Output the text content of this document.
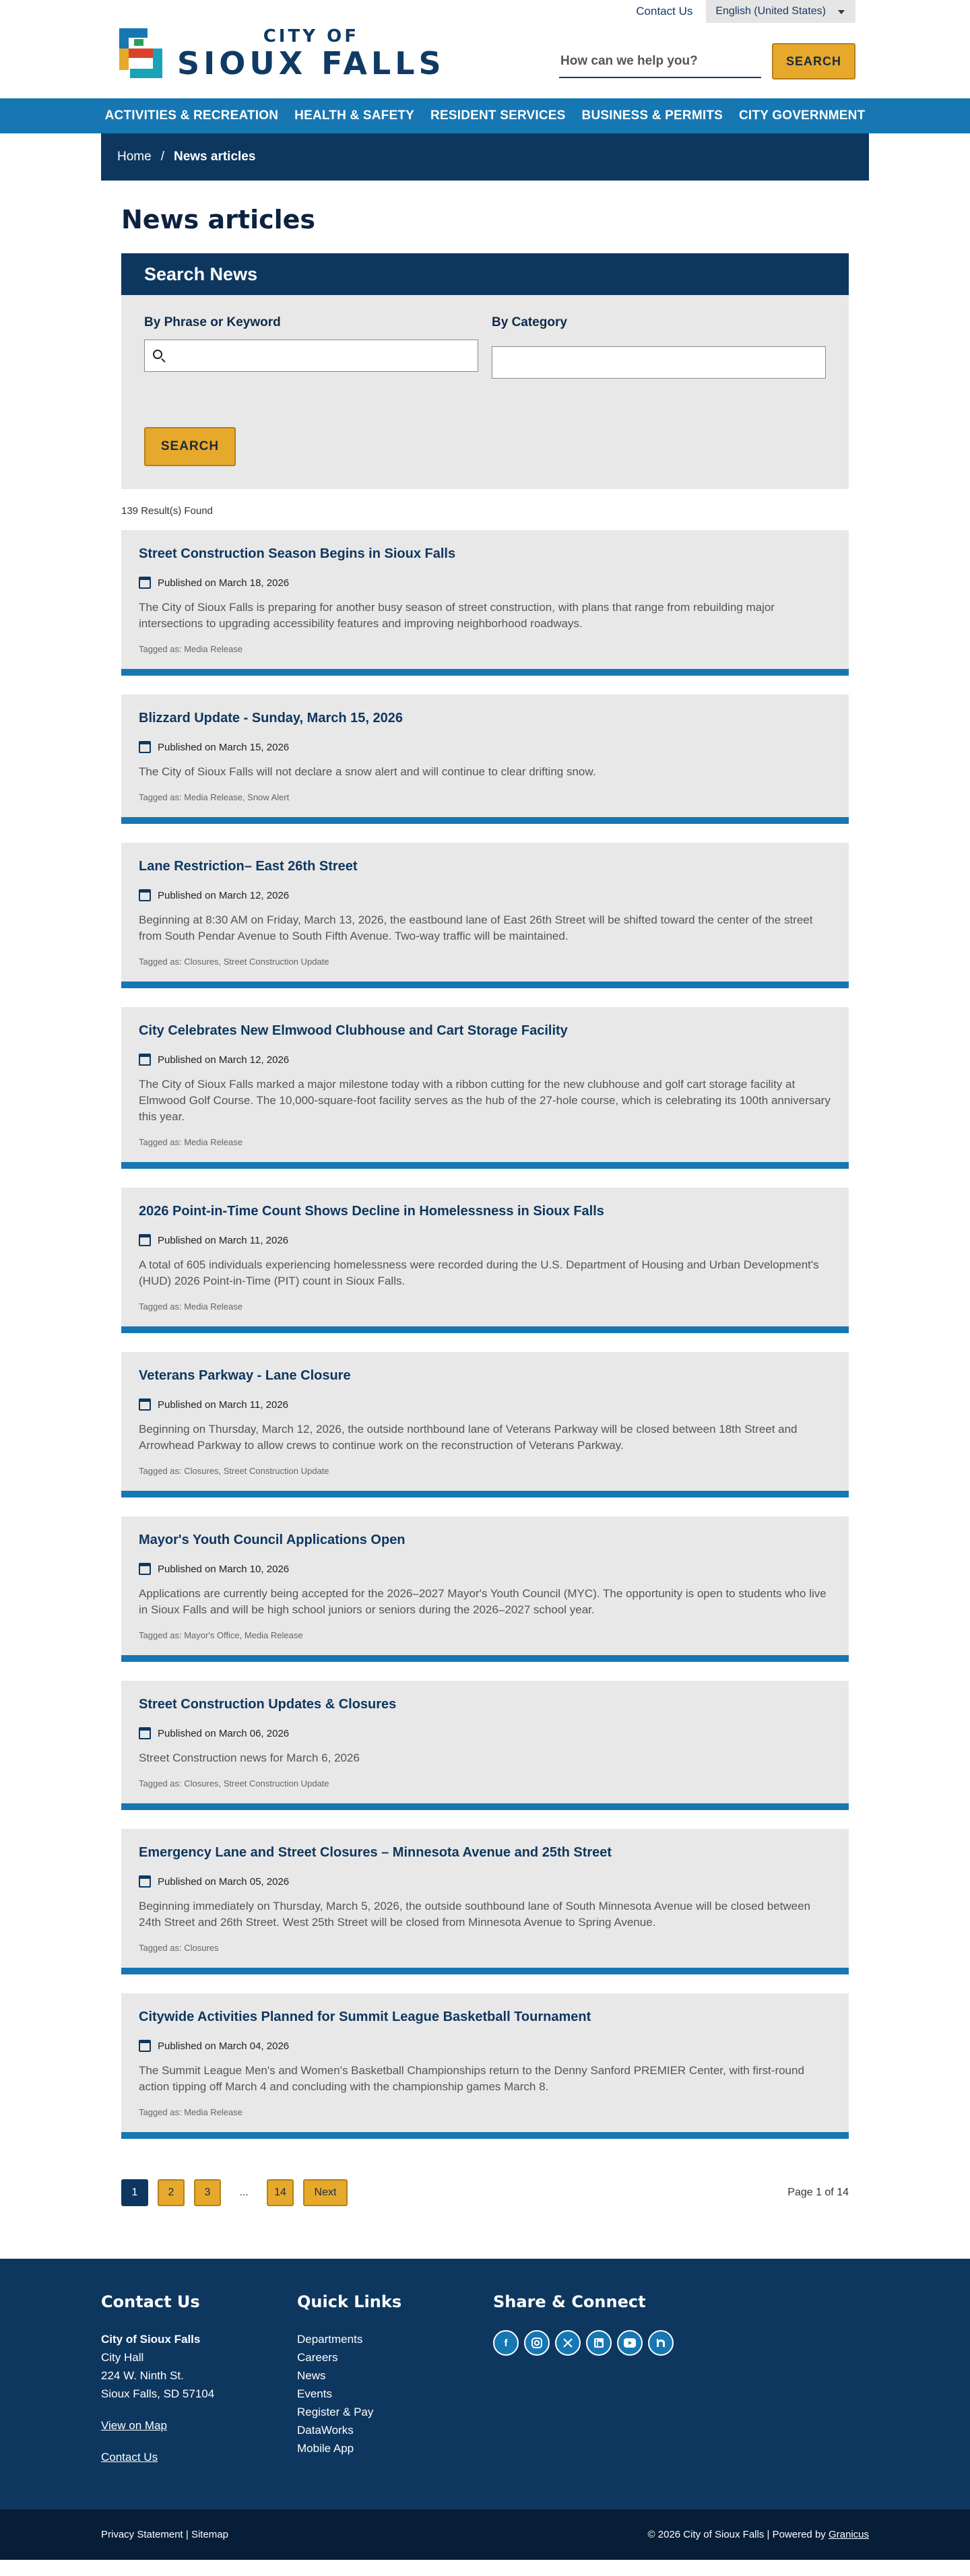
CITY OF
SIOUX FALLS
Contact Us	English (United States)
How can we help you?	SEARCH
ACTIVITIES & RECREATION HEALTH & SAFETY RESIDENT SERVICES BUSINESS & PERMITS CITY GOVERNMENT
Home / News articles
News articles
Search News
By Phrase or Keyword	By Category
SEARCH
139 Result(s) Found
Street Construction Season Begins in Sioux Falls
Published on March 18, 2026

The City of Sioux Falls is preparing for another busy season of street construction, with plans that range from rebuilding major intersections to upgrading accessibility features and improving neighborhood roadways.

Tagged as: Media Release
Blizzard Update - Sunday, March 15, 2026
Published on March 15, 2026

The City of Sioux Falls will not declare a snow alert and will continue to clear drifting snow.

Tagged as: Media Release, Snow Alert
Lane Restriction– East 26th Street
Published on March 12, 2026

Beginning at 8:30 AM on Friday, March 13, 2026, the eastbound lane of East 26th Street will be shifted toward the center of the street from South Pendar Avenue to South Fifth Avenue. Two-way traffic will be maintained.

Tagged as: Closures, Street Construction Update
City Celebrates New Elmwood Clubhouse and Cart Storage Facility
Published on March 12, 2026

The City of Sioux Falls marked a major milestone today with a ribbon cutting for the new clubhouse and golf cart storage facility at Elmwood Golf Course. The 10,000-square-foot facility serves as the hub of the 27-hole course, which is celebrating its 100th anniversary this year.

Tagged as: Media Release
2026 Point-in-Time Count Shows Decline in Homelessness in Sioux Falls
Published on March 11, 2026

A total of 605 individuals experiencing homelessness were recorded during the U.S. Department of Housing and Urban Development's (HUD) 2026 Point-in-Time (PIT) count in Sioux Falls.

Tagged as: Media Release
Veterans Parkway - Lane Closure
Published on March 11, 2026

Beginning on Thursday, March 12, 2026, the outside northbound lane of Veterans Parkway will be closed between 18th Street and Arrowhead Parkway to allow crews to continue work on the reconstruction of Veterans Parkway.

Tagged as: Closures, Street Construction Update
Mayor's Youth Council Applications Open
Published on March 10, 2026

Applications are currently being accepted for the 2026–2027 Mayor's Youth Council (MYC). The opportunity is open to students who live in Sioux Falls and will be high school juniors or seniors during the 2026–2027 school year.

Tagged as: Mayor's Office, Media Release
Street Construction Updates & Closures
Published on March 06, 2026

Street Construction news for March 6, 2026

Tagged as: Closures, Street Construction Update
Emergency Lane and Street Closures – Minnesota Avenue and 25th Street
Published on March 05, 2026

Beginning immediately on Thursday, March 5, 2026, the outside southbound lane of South Minnesota Avenue will be closed between 24th Street and 26th Street. West 25th Street will be closed from Minnesota Avenue to Spring Avenue.

Tagged as: Closures
Citywide Activities Planned for Summit League Basketball Tournament
Published on March 04, 2026

The Summit League Men's and Women's Basketball Championships return to the Denny Sanford PREMIER Center, with first-round action tipping off March 4 and concluding with the championship games March 8.

Tagged as: Media Release
1	2	3	...	14	Next	Page 1 of 14
Contact Us
City of Sioux Falls
City Hall
224 W. Ninth St.
Sioux Falls, SD 57104
View on Map
Contact Us
Quick Links
Departments
Careers
News
Events
Register & Pay
DataWorks
Mobile App
Share & Connect
f
Privacy Statement | Sitemap	© 2026 City of Sioux Falls | Powered by Granicus
